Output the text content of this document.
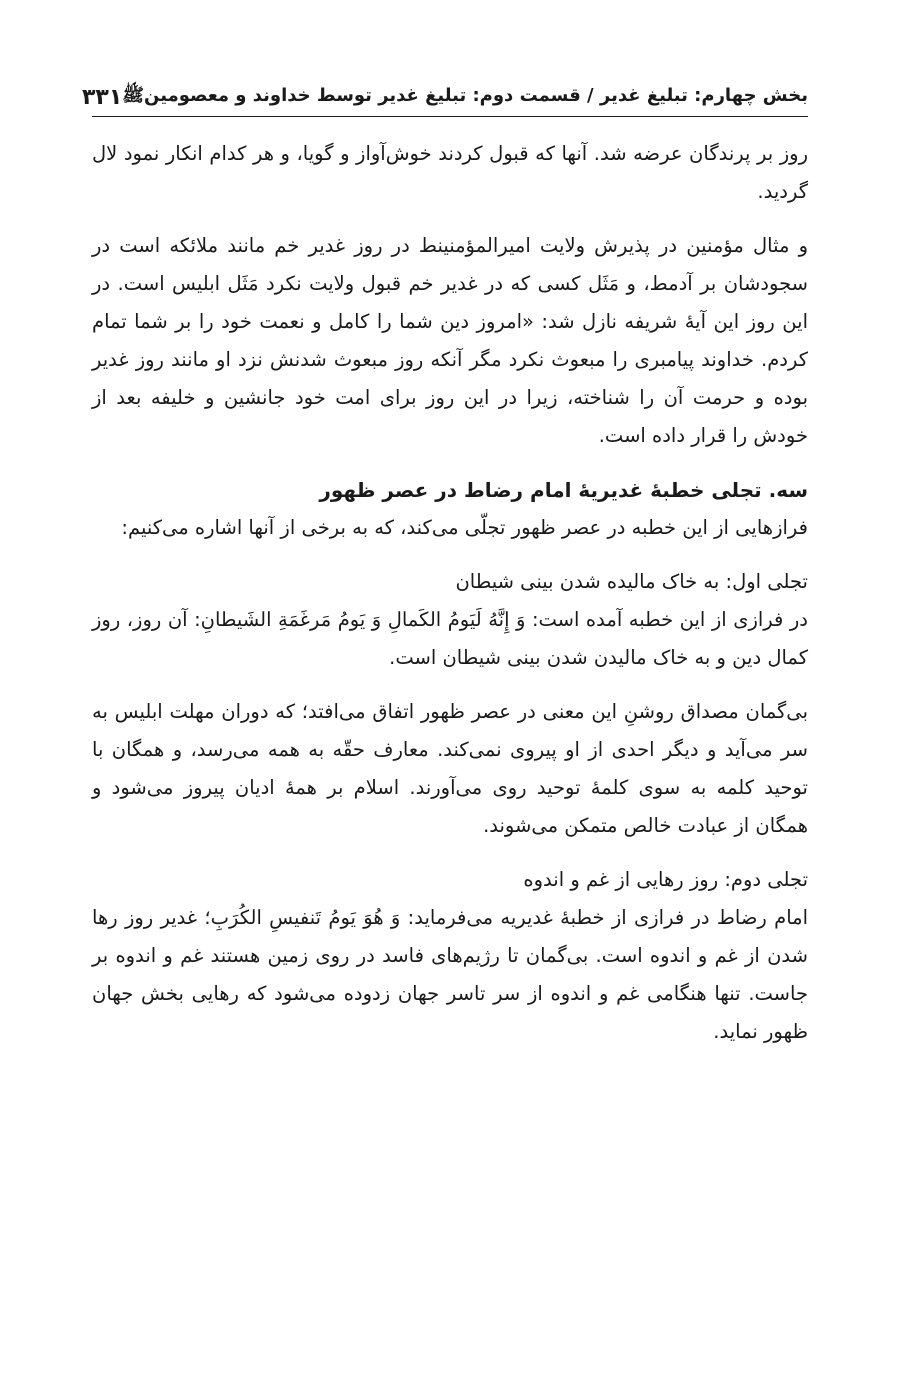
بخش چهارم: تبلیغ غدیر / قسمت دوم: تبلیغ غدیر توسط خداوند و معصومینﷺ
۳۳۱

روز بر پرندگان عرضه شد. آنها که قبول کردند خوش‌آواز و گویا، و هر کدام انکار نمود لال گردید.

و مثال مؤمنین در پذیرش ولایت امیرالمؤمنینط در روز غدیر خم مانند ملائکه است در سجودشان بر آدمط، و مَثَل کسی که در غدیر خم قبول ولایت نکرد مَثَل ابلیس است. در این روز این آیهٔ شریفه نازل شد: «امروز دین شما را کامل و نعمت خود را بر شما تمام کردم. خداوند پیامبری را مبعوث نکرد مگر آنکه روز مبعوث شدنش نزد او مانند روز غدیر بوده و حرمت آن را شناخته، زیرا در این روز برای امت خود جانشین و خلیفه بعد از خودش را قرار داده است.

سه. تجلی خطبهٔ غدیریهٔ امام رضاط در عصر ظهور

فرازهایی از این خطبه در عصر ظهور تجلّی می‌کند، که به برخی از آنها اشاره می‌کنیم:

تجلی اول: به خاک مالیده شدن بینی شیطان

در فرازی از این خطبه آمده است: وَ إِنَّهُ لَيَومُ الكَمالِ وَ يَومُ مَرغَمَةِ الشَيطانِ: آن روز، روز کمال دین و به خاک مالیدن شدن بینی شیطان است.

بی‌گمان مصداق روشنِ این معنی در عصر ظهور اتفاق می‌افتد؛ که دوران مهلت ابلیس به سر می‌آید و دیگر احدی از او پیروی نمی‌کند. معارف حقّه به همه می‌رسد، و همگان با توحید کلمه به سوی کلمهٔ توحید روی می‌آورند. اسلام بر همهٔ ادیان پیروز می‌شود و همگان از عبادت خالص متمکن می‌شوند.

تجلی دوم: روز رهایی از غم و اندوه

امام رضاط در فرازی از خطبهٔ غدیریه می‌فرماید: وَ هُوَ يَومُ تَنفيسِ الكُرَبِ؛ غدیر روز رها شدن از غم و اندوه است. بی‌گمان تا رژیم‌های فاسد در روی زمین هستند غم و اندوه بر جاست. تنها هنگامی غم و اندوه از سر تاسر جهان زدوده می‌شود که رهایی بخش جهان ظهور نماید.
